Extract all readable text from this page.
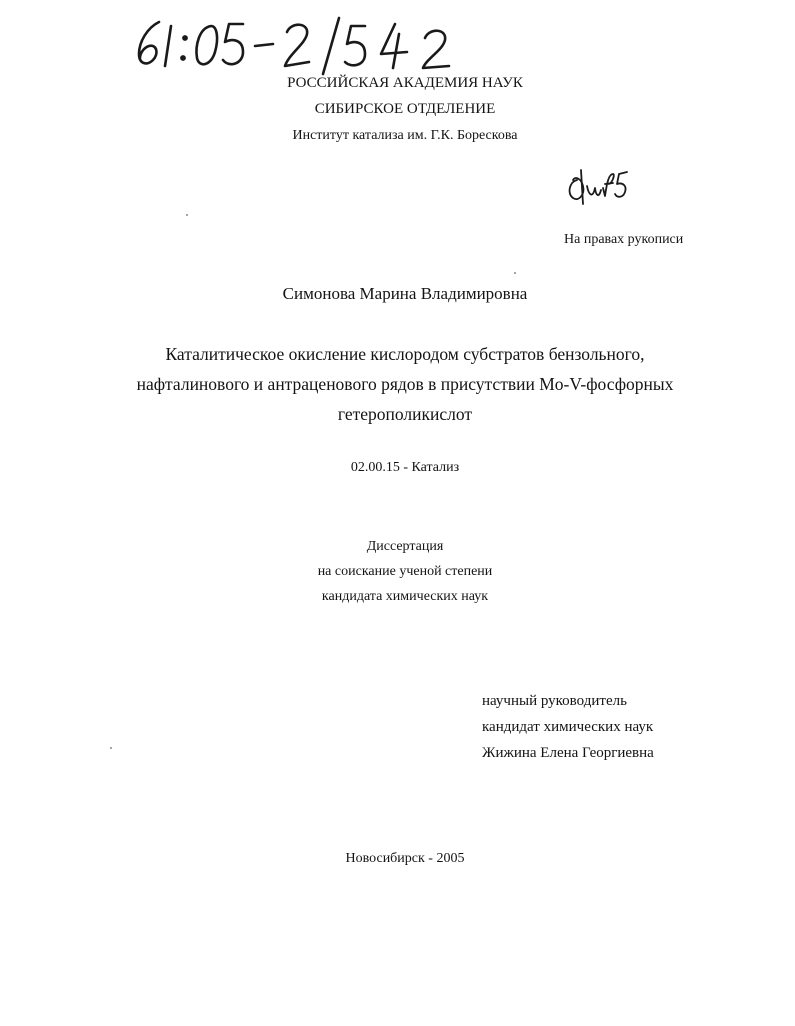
РОССИЙСКАЯ АКАДЕМИЯ НАУК
СИБИРСКОЕ ОТДЕЛЕНИЕ
Институт катализа им. Г.К. Борескова
На правах рукописи
Симонова Марина Владимировна
Каталитическое окисление кислородом субстратов бензольного,
нафталинового и антраценового рядов в присутствии Mo-V-фосфорных
гетерополикислот
02.00.15 - Катализ
Диссертация
на соискание ученой степени
кандидата химических наук
научный руководитель
кандидат химических наук
Жижина Елена Георгиевна
Новосибирск - 2005
